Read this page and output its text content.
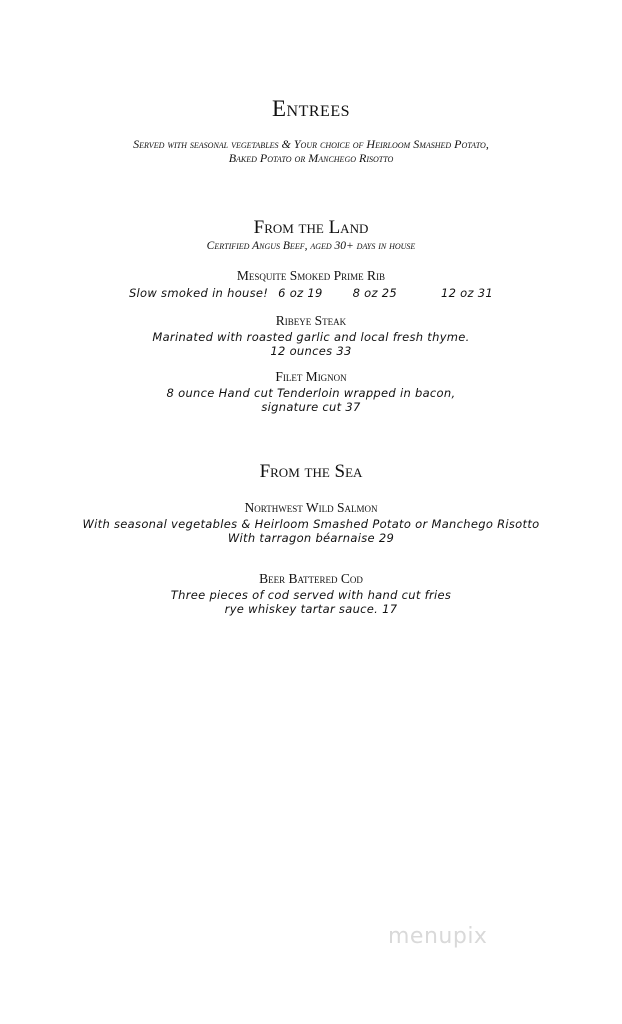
Entrees
Served with seasonal vegetables & Your choice of Heirloom Smashed Potato,
Baked Potato or Manchego Risotto
From the Land
Certified Angus Beef, aged 30+ days in house
Mesquite Smoked Prime Rib
Slow smoked in house! 6 oz 19	8 oz 25	12 oz 31
Ribeye Steak
Marinated with roasted garlic and local fresh thyme.
12 ounces 33
Filet Mignon
8 ounce Hand cut Tenderloin wrapped in bacon,
signature cut 37
From the Sea
Northwest Wild Salmon
With seasonal vegetables & Heirloom Smashed Potato or Manchego Risotto
With tarragon béarnaise 29
Beer Battered Cod
Three pieces of cod served with hand cut fries
rye whiskey tartar sauce. 17
menupix
